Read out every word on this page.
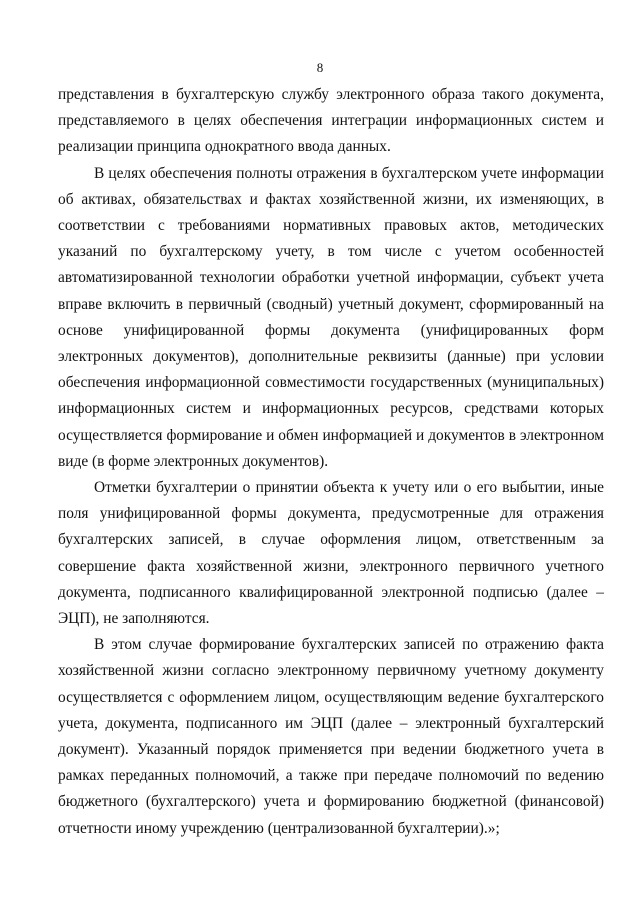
8

представления в бухгалтерскую службу электронного образа такого документа, представляемого в целях обеспечения интеграции информационных систем и реализации принципа однократного ввода данных.

В целях обеспечения полноты отражения в бухгалтерском учете информации об активах, обязательствах и фактах хозяйственной жизни, их изменяющих, в соответствии с требованиями нормативных правовых актов, методических указаний по бухгалтерскому учету, в том числе с учетом особенностей автоматизированной технологии обработки учетной информации, субъект учета вправе включить в первичный (сводный) учетный документ, сформированный на основе унифицированной формы документа (унифицированных форм электронных документов), дополнительные реквизиты (данные) при условии обеспечения информационной совместимости государственных (муниципальных) информационных систем и информационных ресурсов, средствами которых осуществляется формирование и обмен информацией и документов в электронном виде (в форме электронных документов).

Отметки бухгалтерии о принятии объекта к учету или о его выбытии, иные поля унифицированной формы документа, предусмотренные для отражения бухгалтерских записей, в случае оформления лицом, ответственным за совершение факта хозяйственной жизни, электронного первичного учетного документа, подписанного квалифицированной электронной подписью (далее – ЭЦП), не заполняются.

В этом случае формирование бухгалтерских записей по отражению факта хозяйственной жизни согласно электронному первичному учетному документу осуществляется с оформлением лицом, осуществляющим ведение бухгалтерского учета, документа, подписанного им ЭЦП (далее – электронный бухгалтерский документ). Указанный порядок применяется при ведении бюджетного учета в рамках переданных полномочий, а также при передаче полномочий по ведению бюджетного (бухгалтерского) учета и формированию бюджетной (финансовой) отчетности иному учреждению (централизованной бухгалтерии).»;
